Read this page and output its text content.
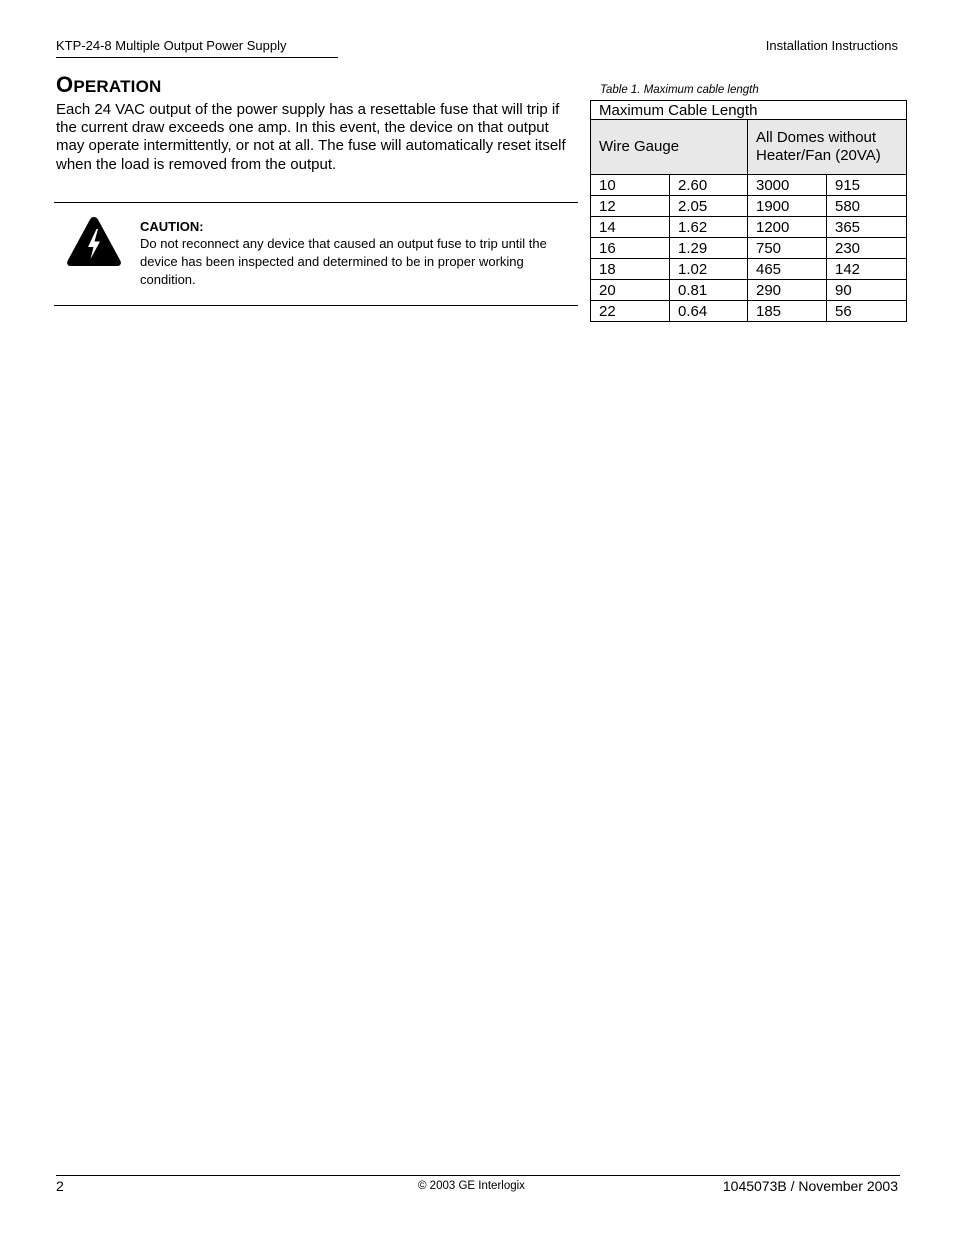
KTP-24-8 Multiple Output Power Supply	Installation Instructions
OPERATION
Each 24 VAC output of the power supply has a resettable fuse that will trip if the current draw exceeds one amp. In this event, the device on that output may operate intermittently, or not at all. The fuse will automatically reset itself when the load is removed from the output.
CAUTION:
Do not reconnect any device that caused an output fuse to trip until the device has been inspected and determined to be in proper working condition.
Table 1. Maximum cable length
Maximum Cable Length			
Wire Gauge		All Domes without Heater/Fan (20VA)	
10	2.60	3000	915
12	2.05	1900	580
14	1.62	1200	365
16	1.29	750	230
18	1.02	465	142
20	0.81	290	90
22	0.64	185	56
2	© 2003 GE Interlogix	1045073B / November 2003
